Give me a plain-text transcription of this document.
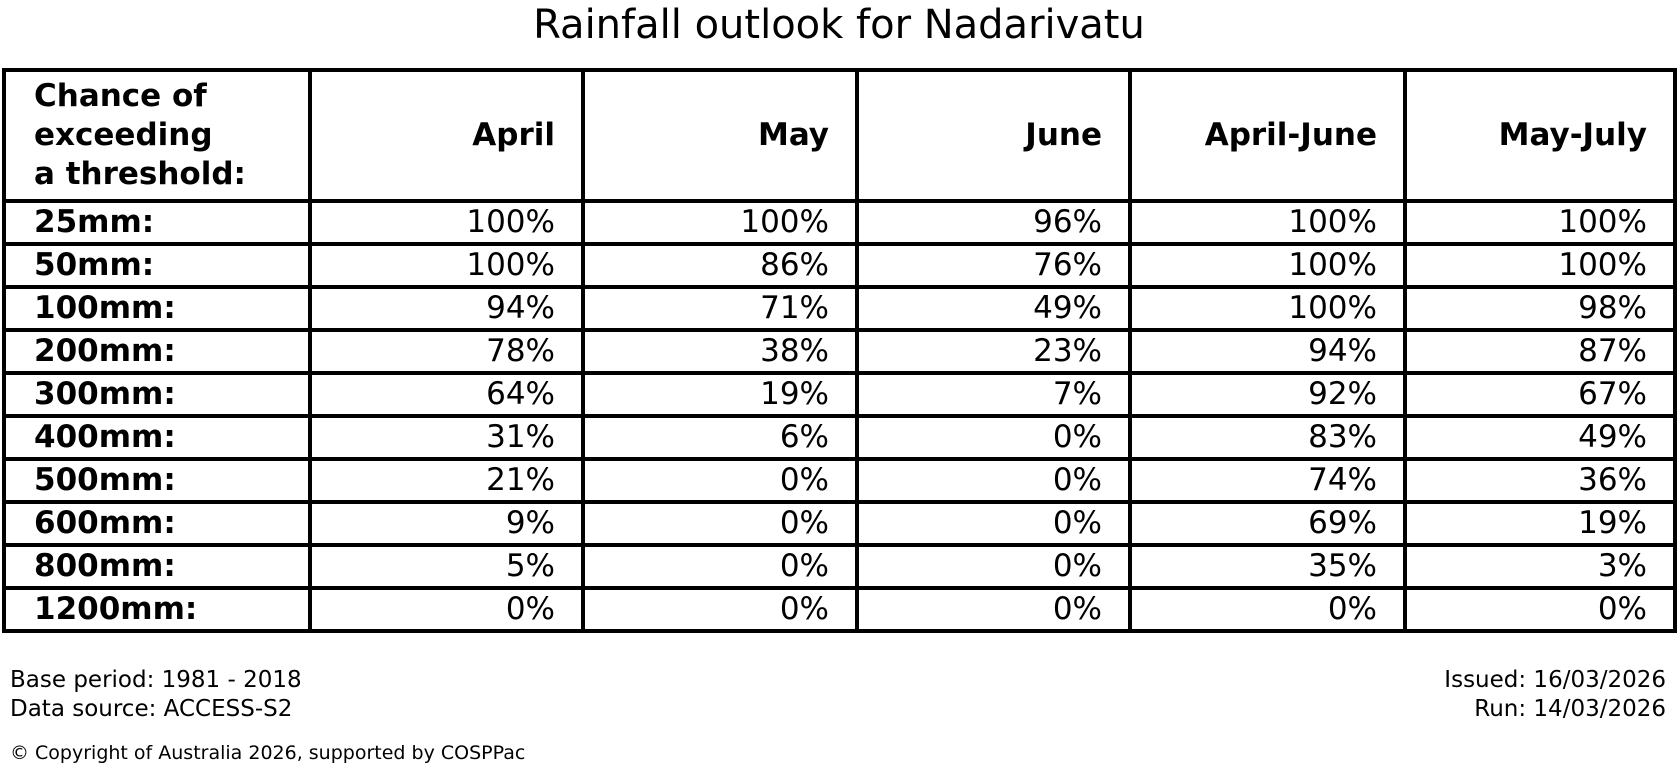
Rainfall outlook for Nadarivatu
Chance of
exceeding
a threshold:	April	May	June	April-June	May-July
25mm:	100%	100%	96%	100%	100%
50mm:	100%	86%	76%	100%	100%
100mm:	94%	71%	49%	100%	98%
200mm:	78%	38%	23%	94%	87%
300mm:	64%	19%	7%	92%	67%
400mm:	31%	6%	0%	83%	49%
500mm:	21%	0%	0%	74%	36%
600mm:	9%	0%	0%	69%	19%
800mm:	5%	0%	0%	35%	3%
1200mm:	0%	0%	0%	0%	0%
Base period: 1981 - 2018
Data source: ACCESS-S2
Issued: 16/03/2026
Run: 14/03/2026
© Copyright of Australia 2026, supported by COSPPac
